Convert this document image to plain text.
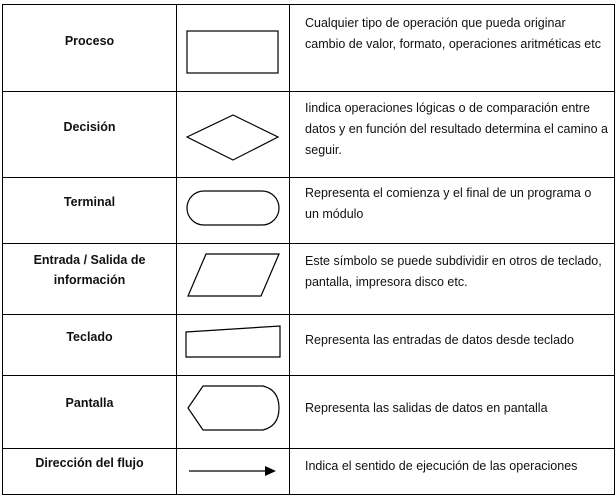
Proceso		Cualquier tipo de operación que pueda originar cambio de valor, formato, operaciones aritméticas etc

Decisión		Iindica operaciones lógicas o de comparación entre datos y en función del resultado determina el camino a seguir.

Terminal		Representa el comienza y el final de un programa o un módulo

Entrada / Salida de información		Este símbolo se puede subdividir en otros de teclado, pantalla, impresora disco etc.

Teclado		Representa las entradas de datos desde teclado

Pantalla		Representa las salidas de datos en pantalla

Dirección del flujo		Indica el sentido de ejecución de las operaciones
